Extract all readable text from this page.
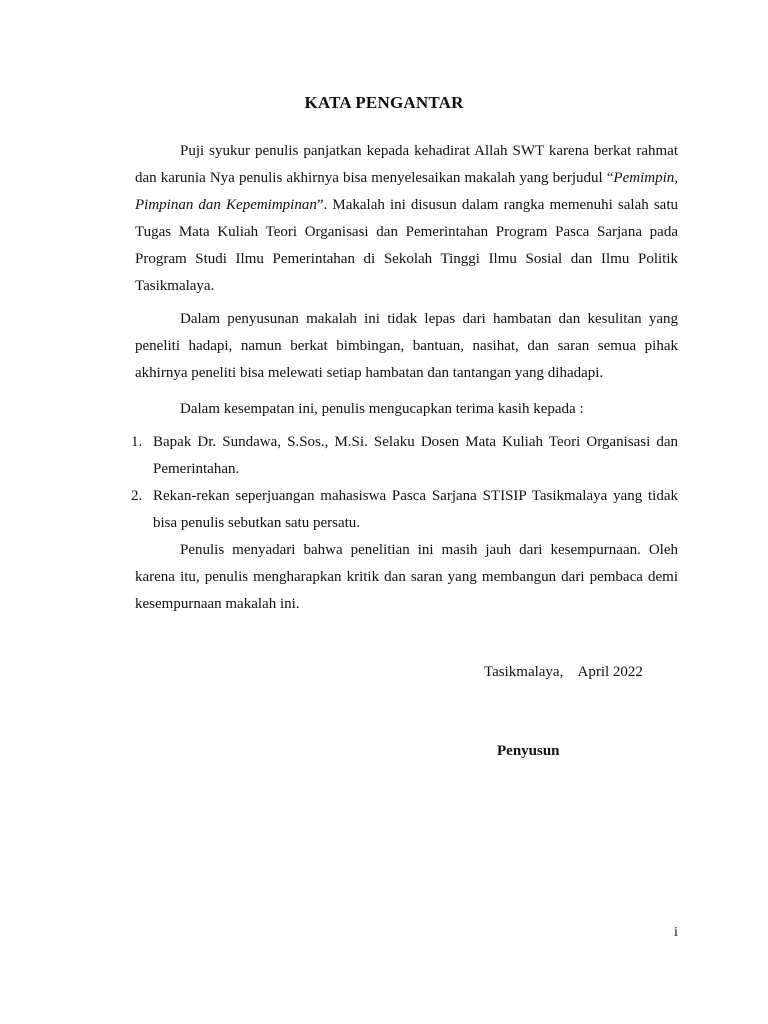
KATA PENGANTAR

Puji syukur penulis panjatkan kepada kehadirat Allah SWT karena berkat rahmat dan karunia Nya penulis akhirnya bisa menyelesaikan makalah yang berjudul “Pemimpin, Pimpinan dan Kepemimpinan”. Makalah ini disusun dalam rangka memenuhi salah satu Tugas Mata Kuliah Teori Organisasi dan Pemerintahan Program Pasca Sarjana pada Program Studi Ilmu Pemerintahan di Sekolah Tinggi Ilmu Sosial dan Ilmu Politik Tasikmalaya.

Dalam penyusunan makalah ini tidak lepas dari hambatan dan kesulitan yang peneliti hadapi, namun berkat bimbingan, bantuan, nasihat, dan saran semua pihak akhirnya peneliti bisa melewati setiap hambatan dan tantangan yang dihadapi.

Dalam kesempatan ini, penulis mengucapkan terima kasih kepada :

1. Bapak Dr. Sundawa, S.Sos., M.Si. Selaku Dosen Mata Kuliah Teori Organisasi dan Pemerintahan.
2. Rekan-rekan seperjuangan mahasiswa Pasca Sarjana STISIP Tasikmalaya yang tidak bisa penulis sebutkan satu persatu.

Penulis menyadari bahwa penelitian ini masih jauh dari kesempurnaan. Oleh karena itu, penulis mengharapkan kritik dan saran yang membangun dari pembaca demi kesempurnaan makalah ini.

Tasikmalaya,    April 2022

Penyusun

i
